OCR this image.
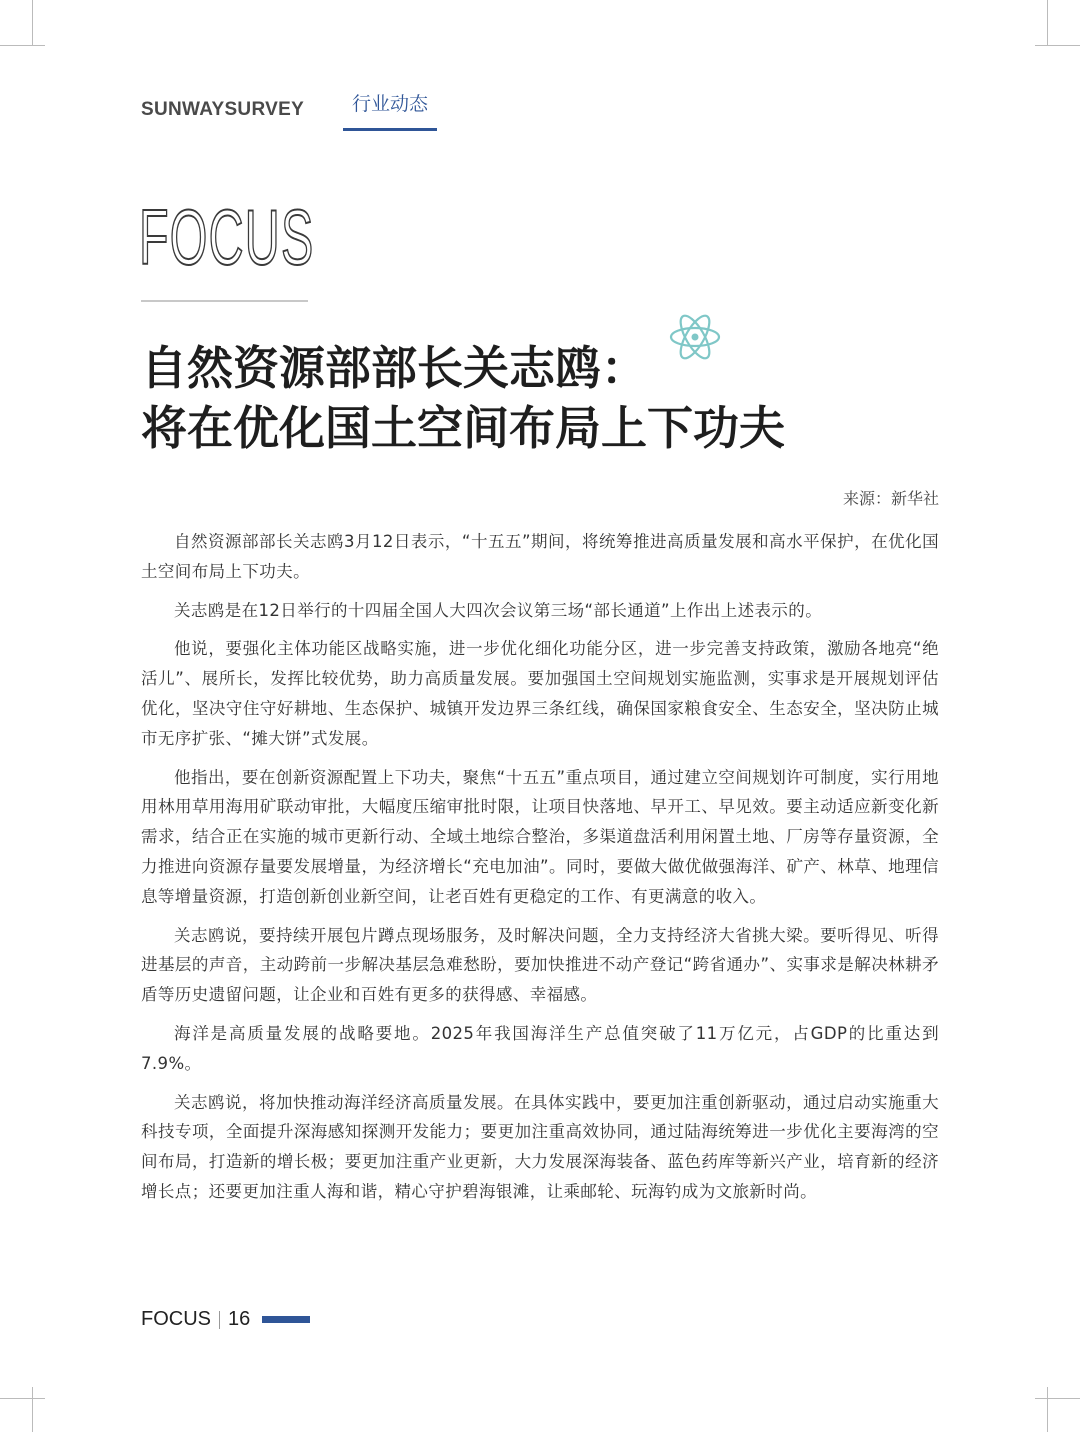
SUNWAYSURVEY	行业动态
FOCUS
自然资源部部长关志鸥：
将在优化国土空间布局上下功夫
来源：新华社

自然资源部部长关志鸥3月12日表示，“十五五”期间，将统筹推进高质量发展和高水平保护，在优化国土空间布局上下功夫。

关志鸥是在12日举行的十四届全国人大四次会议第三场“部长通道”上作出上述表示的。

他说，要强化主体功能区战略实施，进一步优化细化功能分区，进一步完善支持政策，激励各地亮“绝活儿”、展所长，发挥比较优势，助力高质量发展。要加强国土空间规划实施监测，实事求是开展规划评估优化，坚决守住守好耕地、生态保护、城镇开发边界三条红线，确保国家粮食安全、生态安全，坚决防止城市无序扩张、“摊大饼”式发展。

他指出，要在创新资源配置上下功夫，聚焦“十五五”重点项目，通过建立空间规划许可制度，实行用地用林用草用海用矿联动审批，大幅度压缩审批时限，让项目快落地、早开工、早见效。要主动适应新变化新需求，结合正在实施的城市更新行动、全域土地综合整治，多渠道盘活利用闲置土地、厂房等存量资源，全力推进向资源存量要发展增量，为经济增长“充电加油”。同时，要做大做优做强海洋、矿产、林草、地理信息等增量资源，打造创新创业新空间，让老百姓有更稳定的工作、有更满意的收入。

关志鸥说，要持续开展包片蹲点现场服务，及时解决问题，全力支持经济大省挑大梁。要听得见、听得进基层的声音，主动跨前一步解决基层急难愁盼，要加快推进不动产登记“跨省通办”、实事求是解决林耕矛盾等历史遗留问题，让企业和百姓有更多的获得感、幸福感。

海洋是高质量发展的战略要地。2025年我国海洋生产总值突破了11万亿元，占GDP的比重达到7.9%。

关志鸥说，将加快推动海洋经济高质量发展。在具体实践中，要更加注重创新驱动，通过启动实施重大科技专项，全面提升深海感知探测开发能力；要更加注重高效协同，通过陆海统筹进一步优化主要海湾的空间布局，打造新的增长极；要更加注重产业更新，大力发展深海装备、蓝色药库等新兴产业，培育新的经济增长点；还要更加注重人海和谐，精心守护碧海银滩，让乘邮轮、玩海钓成为文旅新时尚。

FOCUS 16
